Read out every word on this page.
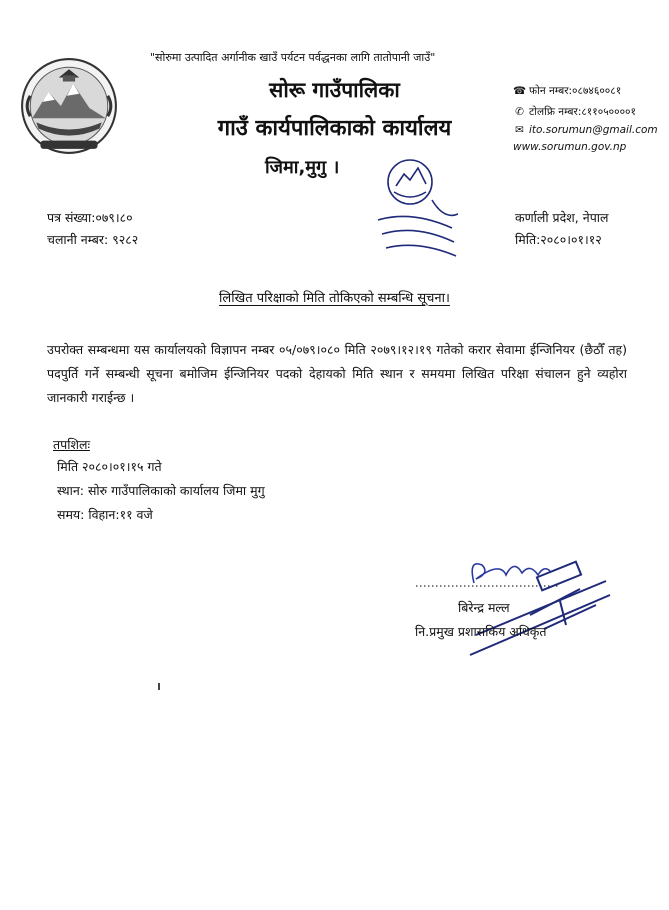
"सोरुमा उत्पादित अर्गानीक खाउँ पर्यटन पर्वद्धनका लागि तातोपानी जाउँ"
सोरू गाउँपालिका
गाउँ कार्यपालिकाको कार्यालय
जिमा,मुगु ।
☎ फोन नम्बर:०८७४६००८१
✆ टोलफ्रि नम्बर:८११०५००००१
✉ ito.sorumun@gmail.com
www.sorumun.gov.np
पत्र संख्या:०७९।८०
चलानी नम्बर: ९२८२
कर्णाली प्रदेश, नेपाल
मिति:२०८०।०१।१२
लिखित परिक्षाको मिति तोकिएको सम्बन्धि सूचना।
उपरोक्त सम्बन्धमा यस कार्यालयको विज्ञापन नम्बर ०५/०७९।०८० मिति २०७९।१२।१९ गतेको करार सेवामा ईन्जिनियर (छैठौँ तह) पदपुर्ति गर्ने सम्बन्धी सूचना बमोजिम ईन्जिनियर पदको देहायको मिति स्थान र समयमा लिखित परिक्षा संचालन हुने व्यहोरा जानकारी गराईन्छ ।
तपशिलः
मिति २०८०।०१।१५ गते
स्थान: सोरु गाउँपालिकाको कार्यालय जिमा मुगु
समय: विहान:११ वजे
बिरेन्द्र मल्ल
नि.प्रमुख प्रशासकिय अधिकृत
